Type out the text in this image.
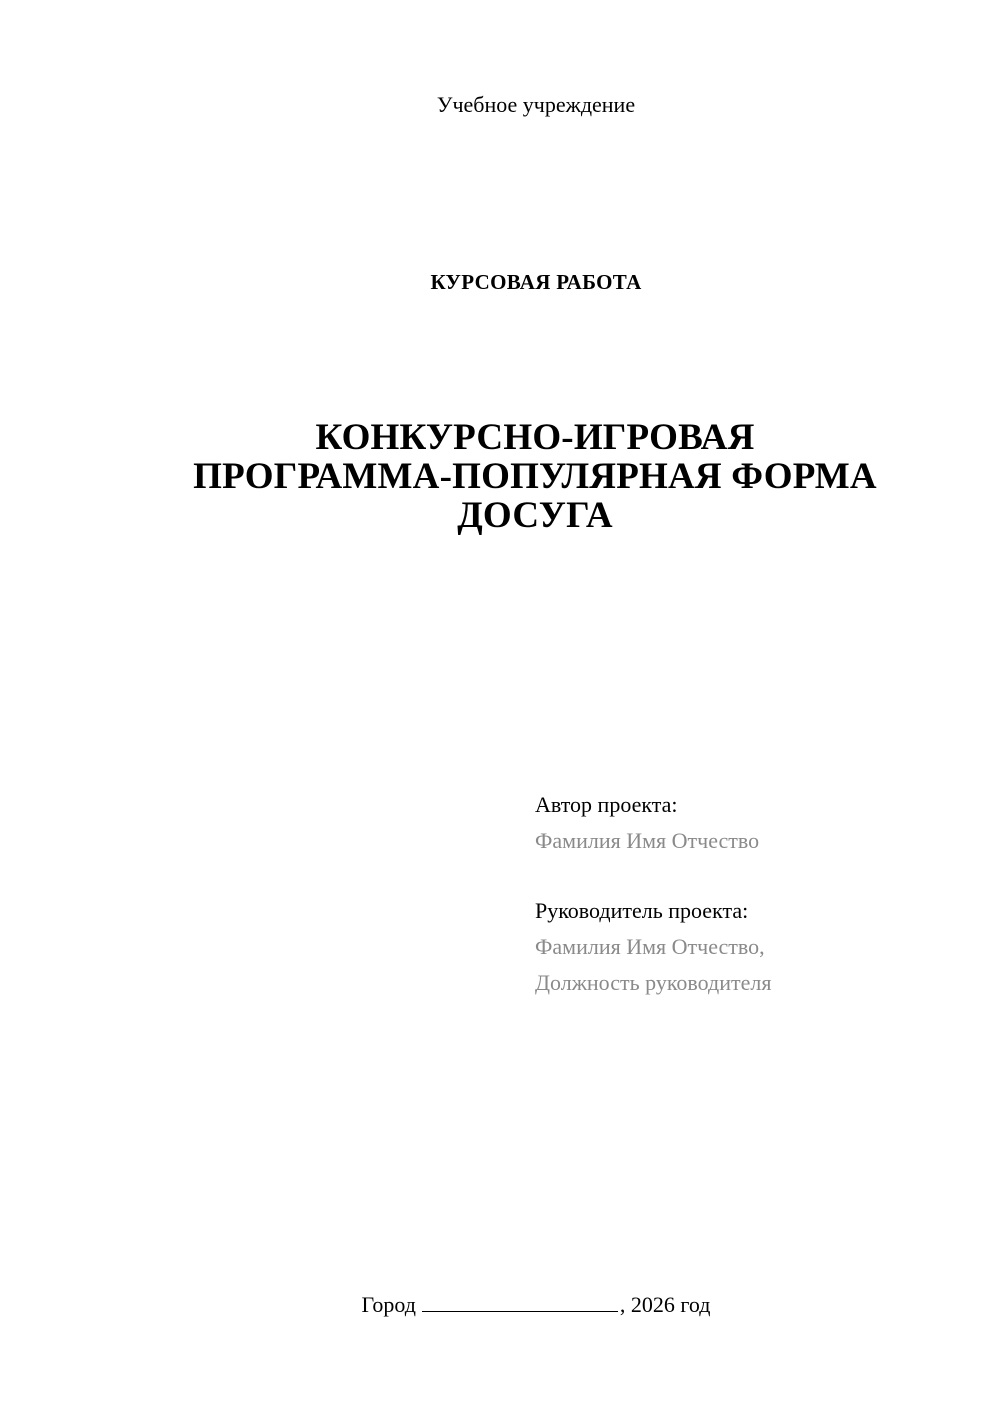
Учебное учреждение
КУРСОВАЯ РАБОТА
КОНКУРСНО-ИГРОВАЯ
ПРОГРАММА-ПОПУЛЯРНАЯ ФОРМА
ДОСУГА
Автор проекта:
Фамилия Имя Отчество
Руководитель проекта:
Фамилия Имя Отчество,
Должность руководителя
Город	, 2026 год
